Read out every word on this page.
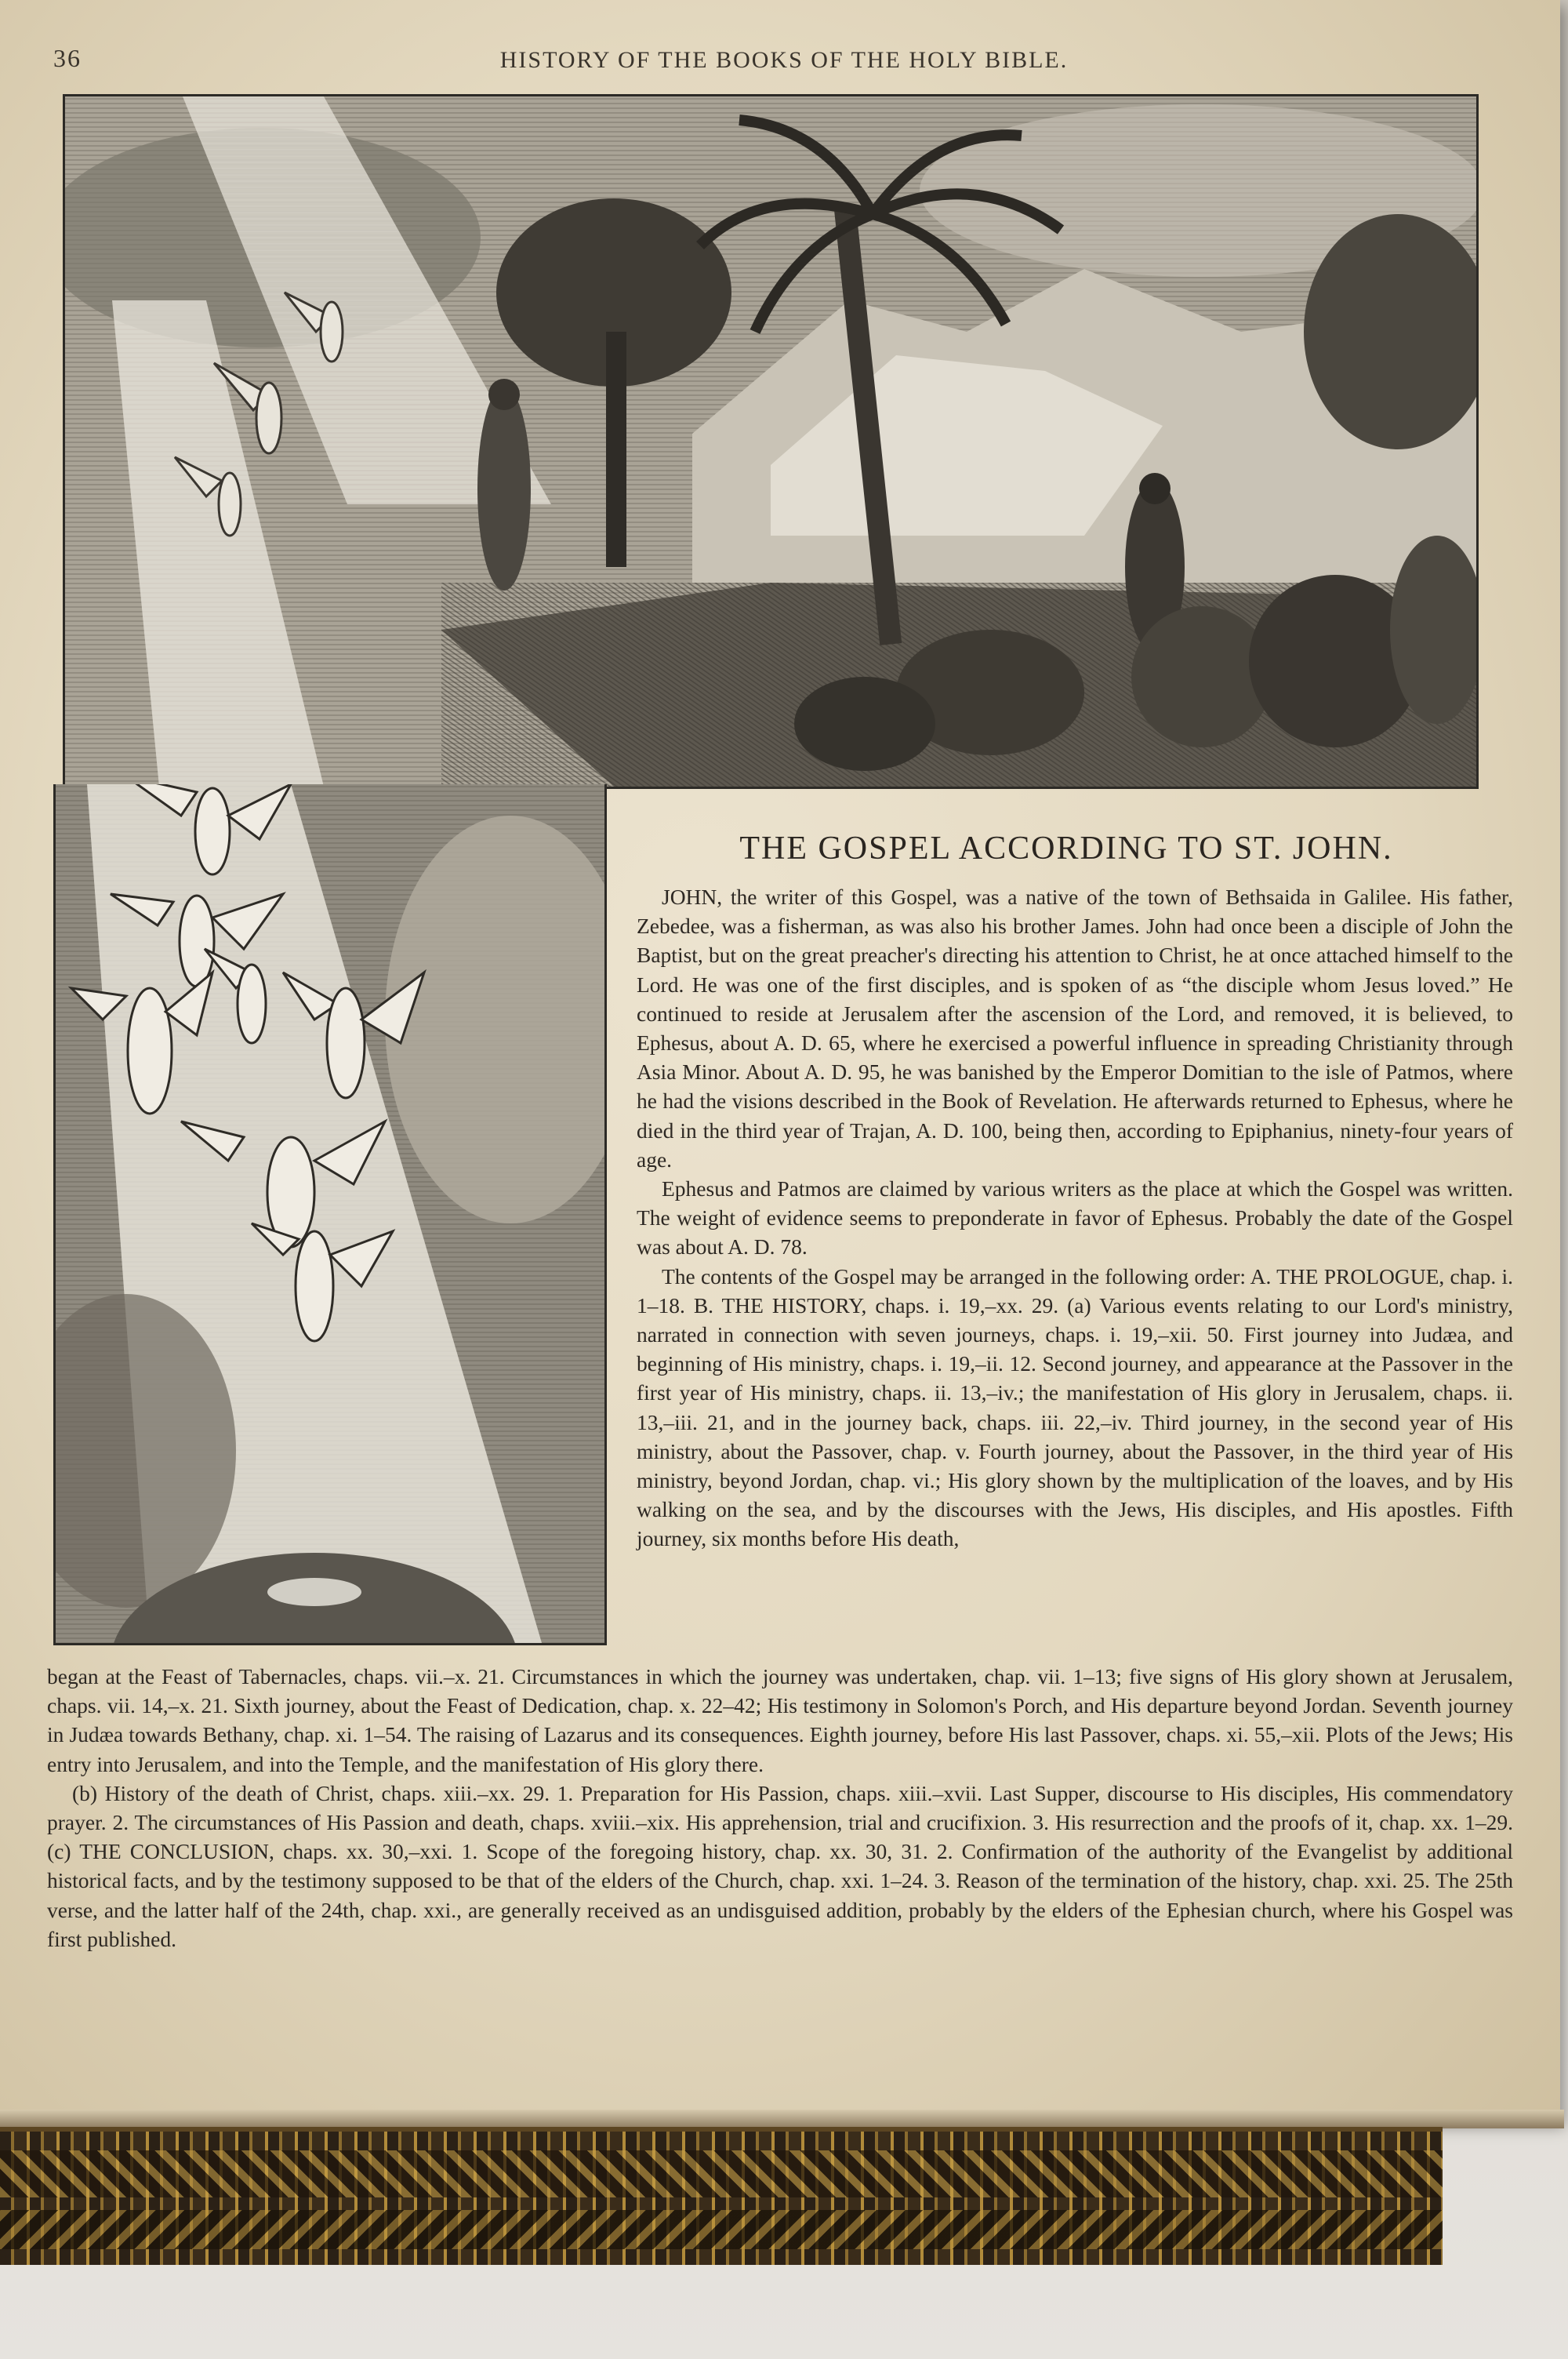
36	HISTORY OF THE BOOKS OF THE HOLY BIBLE.
THE GOSPEL ACCORDING TO ST. JOHN.

JOHN, the writer of this Gospel, was a native of the town of Bethsaida in Galilee. His father, Zebedee, was a fisherman, as was also his brother James. John had once been a disciple of John the Baptist, but on the great preacher's directing his attention to Christ, he at once attached himself to the Lord. He was one of the first disciples, and is spoken of as “the disciple whom Jesus loved.” He continued to reside at Jerusalem after the ascension of the Lord, and removed, it is believed, to Ephesus, about A. D. 65, where he exercised a powerful influence in spreading Christianity through Asia Minor. About A. D. 95, he was banished by the Emperor Domitian to the isle of Patmos, where he had the visions described in the Book of Revelation. He afterwards returned to Ephesus, where he died in the third year of Trajan, A. D. 100, being then, according to Epiphanius, ninety-four years of age.

Ephesus and Patmos are claimed by various writers as the place at which the Gospel was written. The weight of evidence seems to preponderate in favor of Ephesus. Probably the date of the Gospel was about A. D. 78.

The contents of the Gospel may be arranged in the following order: A. THE PROLOGUE, chap. i. 1–18. B. THE HISTORY, chaps. i. 19,–xx. 29. (a) Various events relating to our Lord's ministry, narrated in connection with seven journeys, chaps. i. 19,–xii. 50. First journey into Judæa, and beginning of His ministry, chaps. i. 19,–ii. 12. Second journey, and appearance at the Passover in the first year of His ministry, chaps. ii. 13,–iv.; the manifestation of His glory in Jerusalem, chaps. ii. 13,–iii. 21, and in the journey back, chaps. iii. 22,–iv. Third journey, in the second year of His ministry, about the Passover, chap. v. Fourth journey, about the Passover, in the third year of His ministry, beyond Jordan, chap. vi.; His glory shown by the multiplication of the loaves, and by His walking on the sea, and by the discourses with the Jews, His disciples, and His apostles. Fifth journey, six months before His death,

began at the Feast of Tabernacles, chaps. vii.–x. 21. Circumstances in which the journey was undertaken, chap. vii. 1–13; five signs of His glory shown at Jerusalem, chaps. vii. 14,–x. 21. Sixth journey, about the Feast of Dedication, chap. x. 22–42; His testimony in Solomon's Porch, and His departure beyond Jordan. Seventh journey in Judæa towards Bethany, chap. xi. 1–54. The raising of Lazarus and its consequences. Eighth journey, before His last Passover, chaps. xi. 55,–xii. Plots of the Jews; His entry into Jerusalem, and into the Temple, and the manifestation of His glory there.

(b) History of the death of Christ, chaps. xiii.–xx. 29. 1. Preparation for His Passion, chaps. xiii.–xvii. Last Supper, discourse to His disciples, His commendatory prayer. 2. The circumstances of His Passion and death, chaps. xviii.–xix. His apprehension, trial and crucifixion. 3. His resurrection and the proofs of it, chap. xx. 1–29. (c) THE CONCLUSION, chaps. xx. 30,–xxi. 1. Scope of the foregoing history, chap. xx. 30, 31. 2. Confirmation of the authority of the Evangelist by additional historical facts, and by the testimony supposed to be that of the elders of the Church, chap. xxi. 1–24. 3. Reason of the termination of the history, chap. xxi. 25. The 25th verse, and the latter half of the 24th, chap. xxi., are generally received as an undisguised addition, probably by the elders of the Ephesian church, where his Gospel was first published.
